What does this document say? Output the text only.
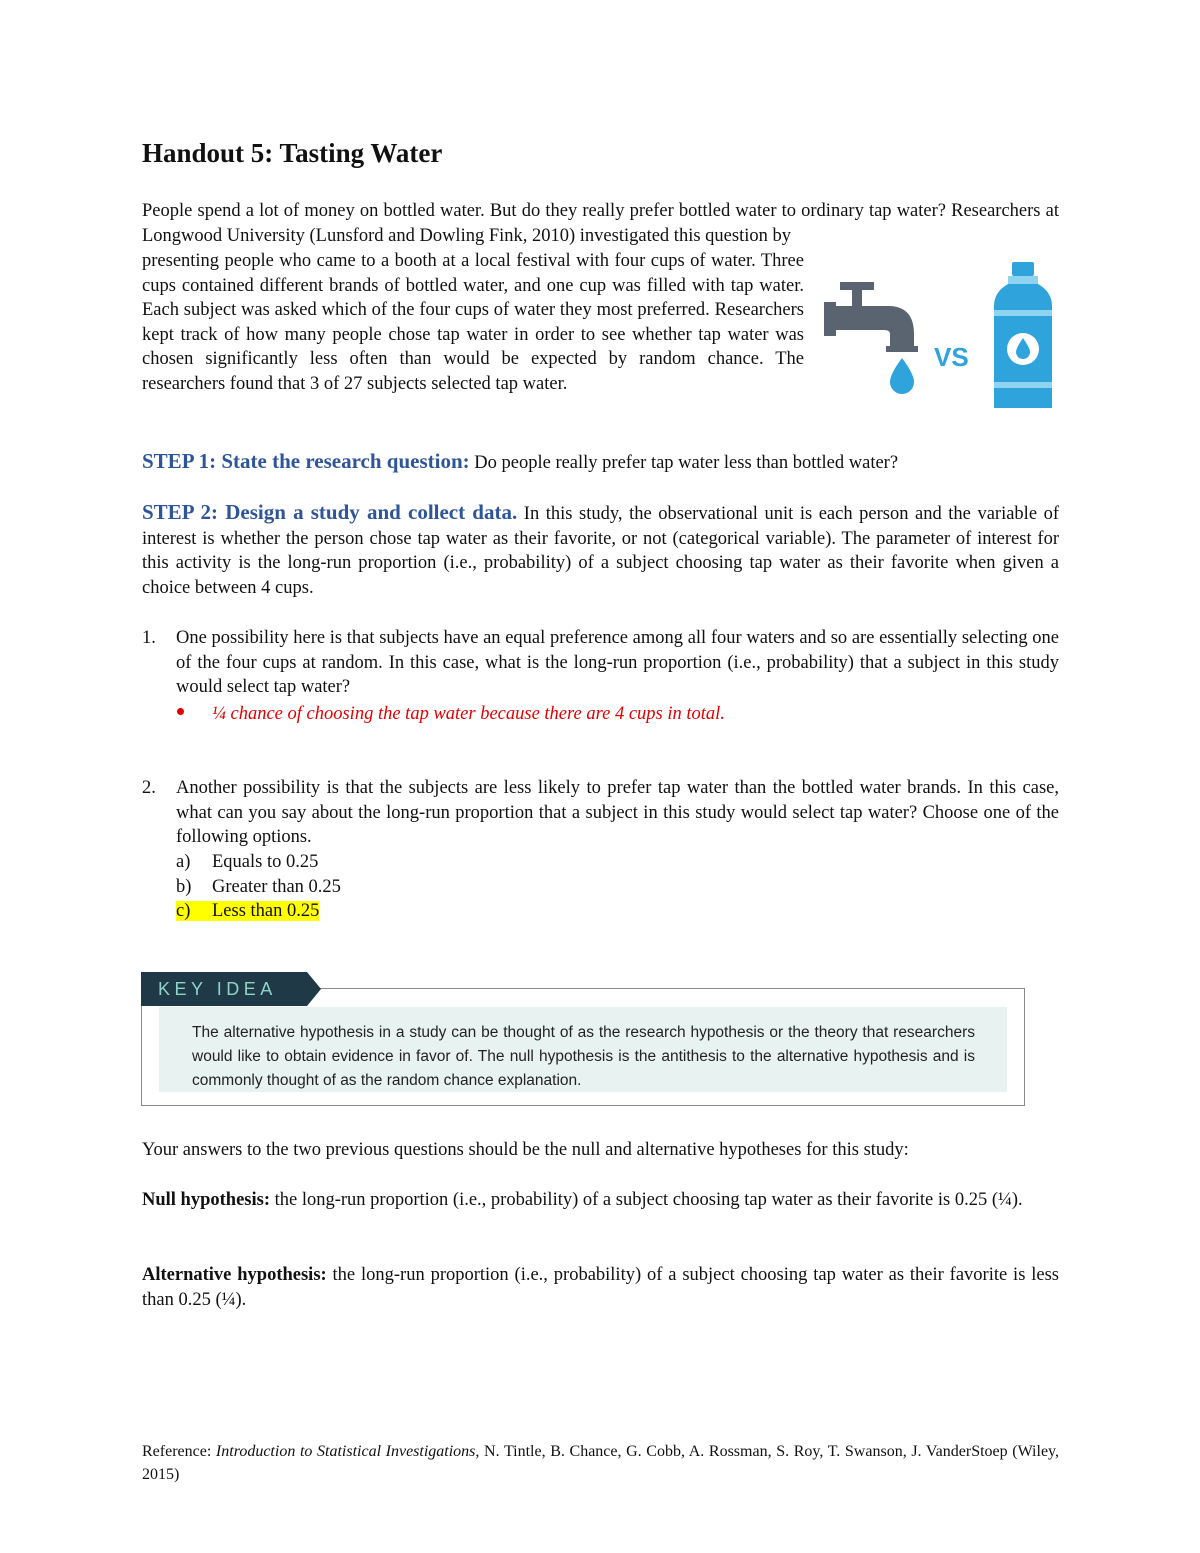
Handout 5: Tasting Water

People spend a lot of money on bottled water. But do they really prefer bottled water to ordinary tap water? Researchers at Longwood University (Lunsford and Dowling Fink, 2010) investigated this question by

presenting people who came to a booth at a local festival with four cups of water. Three cups contained different brands of bottled water, and one cup was filled with tap water. Each subject was asked which of the four cups of water they most preferred. Researchers kept track of how many people chose tap water in order to see whether tap water was chosen significantly less often than would be expected by random chance. The researchers found that 3 of 27 subjects selected tap water.

VS

STEP 1: State the research question: Do people really prefer tap water less than bottled water?

STEP 2: Design a study and collect data. In this study, the observational unit is each person and the variable of interest is whether the person chose tap water as their favorite, or not (categorical variable). The parameter of interest for this activity is the long-run proportion (i.e., probability) of a subject choosing tap water as their favorite when given a choice between 4 cups.

1. One possibility here is that subjects have an equal preference among all four waters and so are essentially selecting one of the four cups at random. In this case, what is the long-run proportion (i.e., probability) that a subject in this study would select tap water?

¼ chance of choosing the tap water because there are 4 cups in total.
2. Another possibility is that the subjects are less likely to prefer tap water than the bottled water brands. In this case, what can you say about the long-run proportion that a subject in this study would select tap water? Choose one of the following options.

a) Equals to 0.25
b) Greater than 0.25
c) Less than 0.25
KEY IDEA

The alternative hypothesis in a study can be thought of as the research hypothesis or the theory that researchers would like to obtain evidence in favor of. The null hypothesis is the antithesis to the alternative hypothesis and is commonly thought of as the random chance explanation.

Your answers to the two previous questions should be the null and alternative hypotheses for this study:

Null hypothesis: the long-run proportion (i.e., probability) of a subject choosing tap water as their favorite is 0.25 (¼).

Alternative hypothesis: the long-run proportion (i.e., probability) of a subject choosing tap water as their favorite is less than 0.25 (¼).

Reference: Introduction to Statistical Investigations, N. Tintle, B. Chance, G. Cobb, A. Rossman, S. Roy, T. Swanson, J. VanderStoep (Wiley, 2015)
